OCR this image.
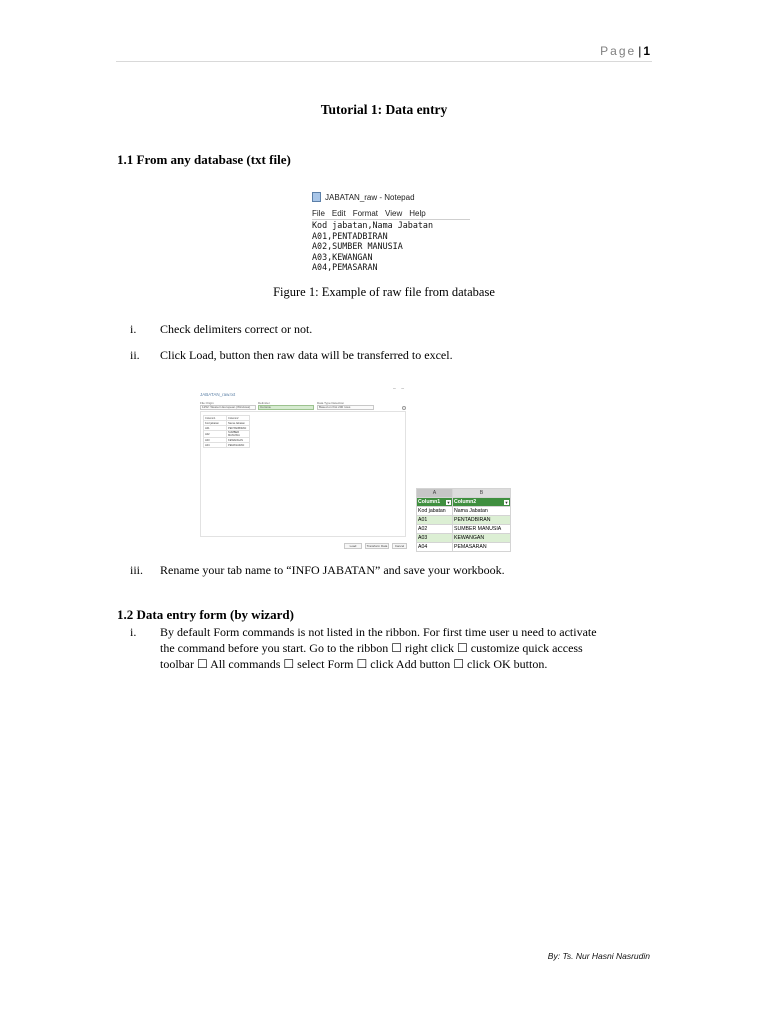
Page | 1
Tutorial 1: Data entry
1.1 From any database (txt file)
JABATAN_raw - Notepad
File Edit Format View Help
Kod jabatan,Nama Jabatan
A01,PENTADBIRAN
A02,SUMBER MANUSIA
A03,KEWANGAN
A04,PEMASARAN
Figure 1: Example of raw file from database
i.	Check delimiters correct or not.
ii.	Click Load, button then raw data will be transferred to excel.
JABATAN_raw.txt
– –
File Origin
1252: Western European (Windows)
Delimiter
Comma
Data Type Detection
Based on first 200 rows
Column1	Column2
Kod jabatan	Nama Jabatan
A01	PENTADBIRAN
A02	SUMBER MANUSIA
A03	KEWANGAN
A04	PEMASARAN
Load	Transform Data	Cancel
A	B
Column1 ▼	Column2 ▼

Kod jabatan	Nama Jabatan
A01	PENTADBIRAN
A02	SUMBER MANUSIA
A03	KEWANGAN
A04	PEMASARAN
iii.	Rename your tab name to “INFO JABATAN” and save your workbook.
1.2 Data entry form (by wizard)
i.	By default Form commands is not listed in the ribbon. For first time user u need to activate
the command before you start. Go to the ribbon ☐ right click ☐ customize quick access
toolbar ☐ All commands ☐ select Form ☐ click Add button ☐ click OK button.
By: Ts. Nur Hasni Nasrudin
